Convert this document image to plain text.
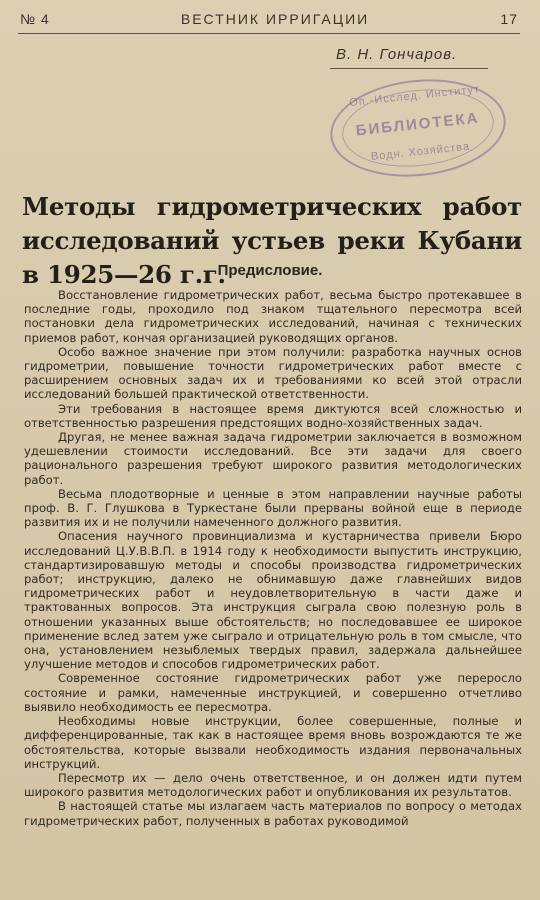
№ 4	ВЕСТНИК ИРРИГАЦИИ	17
В. Н. Гончаров.
Оп.-Исслед. Институт
БИБЛИОТЕКА
Водн. Хозяйства
Методы гидрометрических работ исследований устьев реки Кубани в 1925—26 г.г.
Предисловие.

Восстановление гидрометрических работ, весьма быстро протекавшее в последние годы, проходило под знаком тщательного пересмотра всей постановки дела гидрометрических исследований, начиная с технических приемов работ, кончая организацией руководящих органов.

Особо важное значение при этом получили: разработка научных основ гидрометрии, повышение точности гидрометрических работ вместе с расширением основных задач их и требованиями ко всей этой отрасли исследований большей практической ответственности.

Эти требования в настоящее время диктуются всей сложностью и ответственностью разрешения предстоящих водно-хозяйственных задач.

Другая, не менее важная задача гидрометрии заключается в возможном удешевлении стоимости исследований. Все эти задачи для своего рационального разрешения требуют широкого развития методологических работ.

Весьма плодотворные и ценные в этом направлении научные работы проф. В. Г. Глушкова в Туркестане были прерваны войной еще в периоде развития их и не получили намеченного должного развития.

Опасения научного провинциализма и кустарничества привели Бюро исследований Ц.У.В.В.П. в 1914 году к необходимости выпустить инструкцию, стандартизировавшую методы и способы производства гидрометрических работ; инструкцию, далеко не обнимавшую даже главнейших видов гидрометрических работ и неудовлетворительную в части даже и трактованных вопросов. Эта инструкция сыграла свою полезную роль в отношении указанных выше обстоятельств; но последовавшее ее широкое применение вслед затем уже сыграло и отрицательную роль в том смысле, что она, установлением незыблемых твердых правил, задержала дальнейшее улучшение методов и способов гидрометрических работ.

Современное состояние гидрометрических работ уже переросло состояние и рамки, намеченные инструкцией, и совершенно отчетливо выявило необходимость ее пересмотра.

Необходимы новые инструкции, более совершенные, полные и дифференцированные, так как в настоящее время вновь возрождаются те же обстоятельства, которые вызвали необходимость издания первоначальных инструкций.

Пересмотр их — дело очень ответственное, и он должен идти путем широкого развития методологических работ и опубликования их результатов.

В настоящей статье мы излагаем часть материалов по вопросу о методах гидрометрических работ, полученных в работах руководимой
